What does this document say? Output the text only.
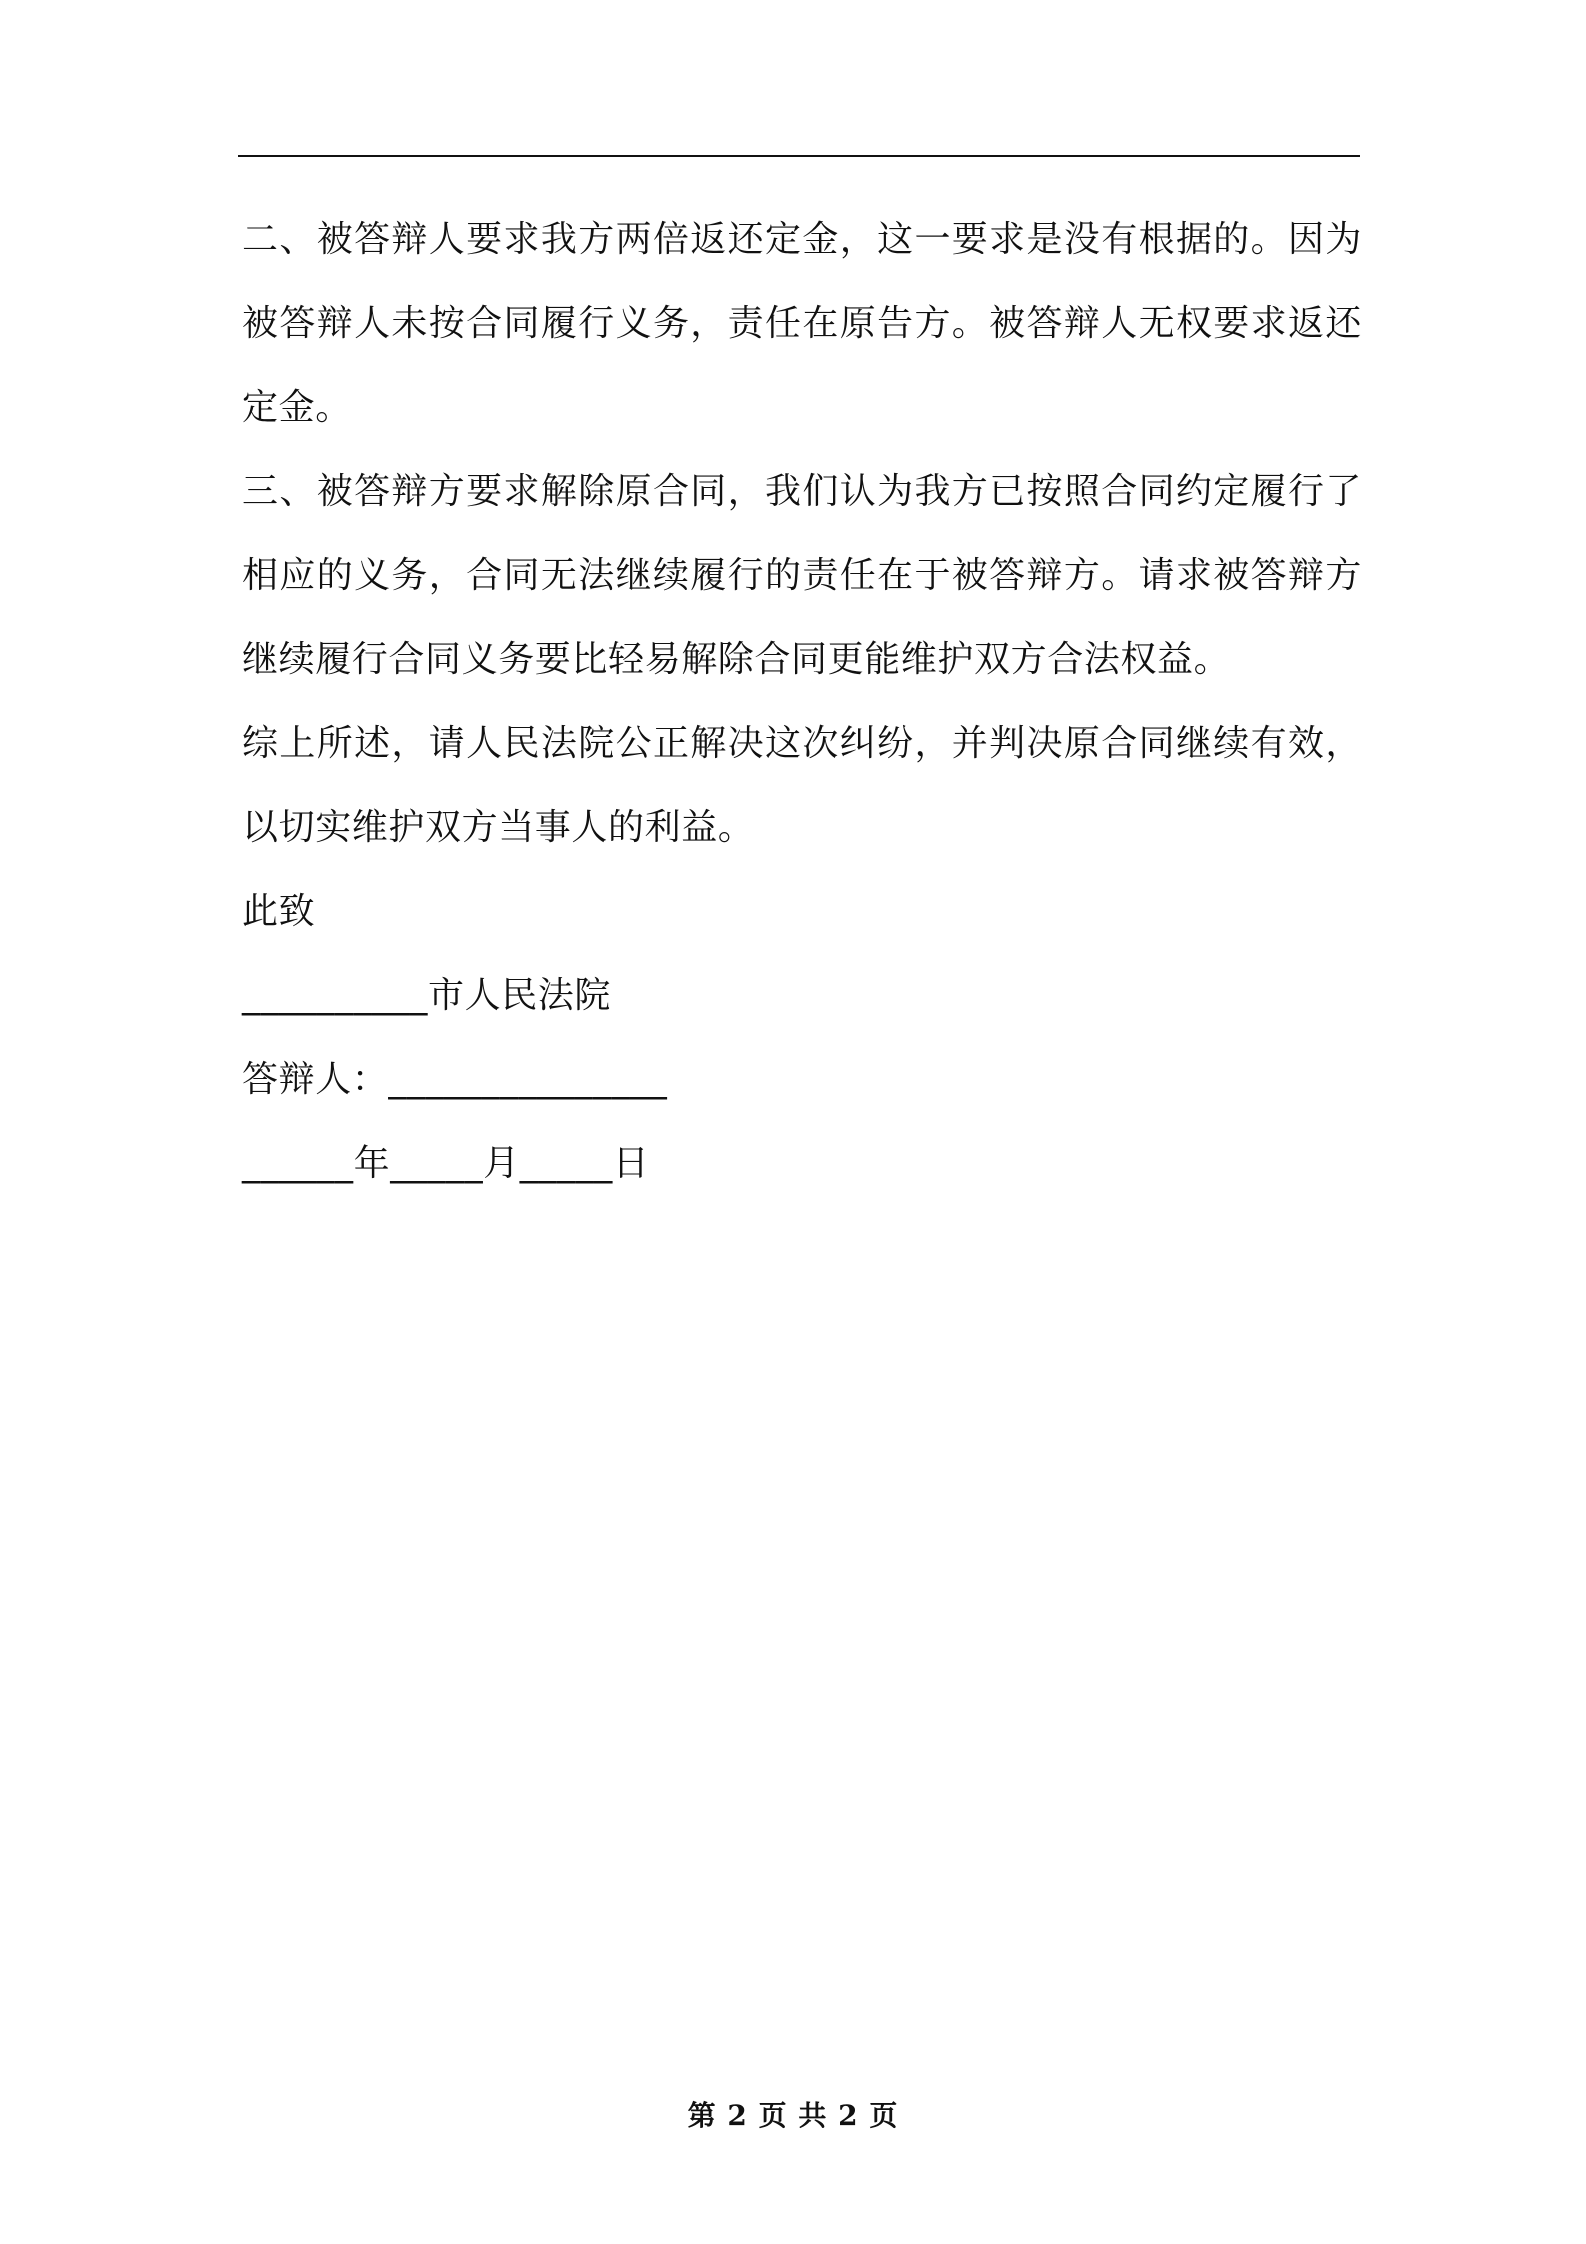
二、被答辩人要求我方两倍返还定金，这一要求是没有根据的。因为被答辩人未按合同履行义务，责任在原告方。被答辩人无权要求返还定金。

三、被答辩方要求解除原合同，我们认为我方已按照合同约定履行了相应的义务，合同无法继续履行的责任在于被答辩方。请求被答辩方继续履行合同义务要比轻易解除合同更能维护双方合法权益。

综上所述，请人民法院公正解决这次纠纷，并判决原合同继续有效，以切实维护双方当事人的利益。

此致

__________市人民法院

答辩人：_______________

______年_____月_____日

第 2 页 共 2 页
